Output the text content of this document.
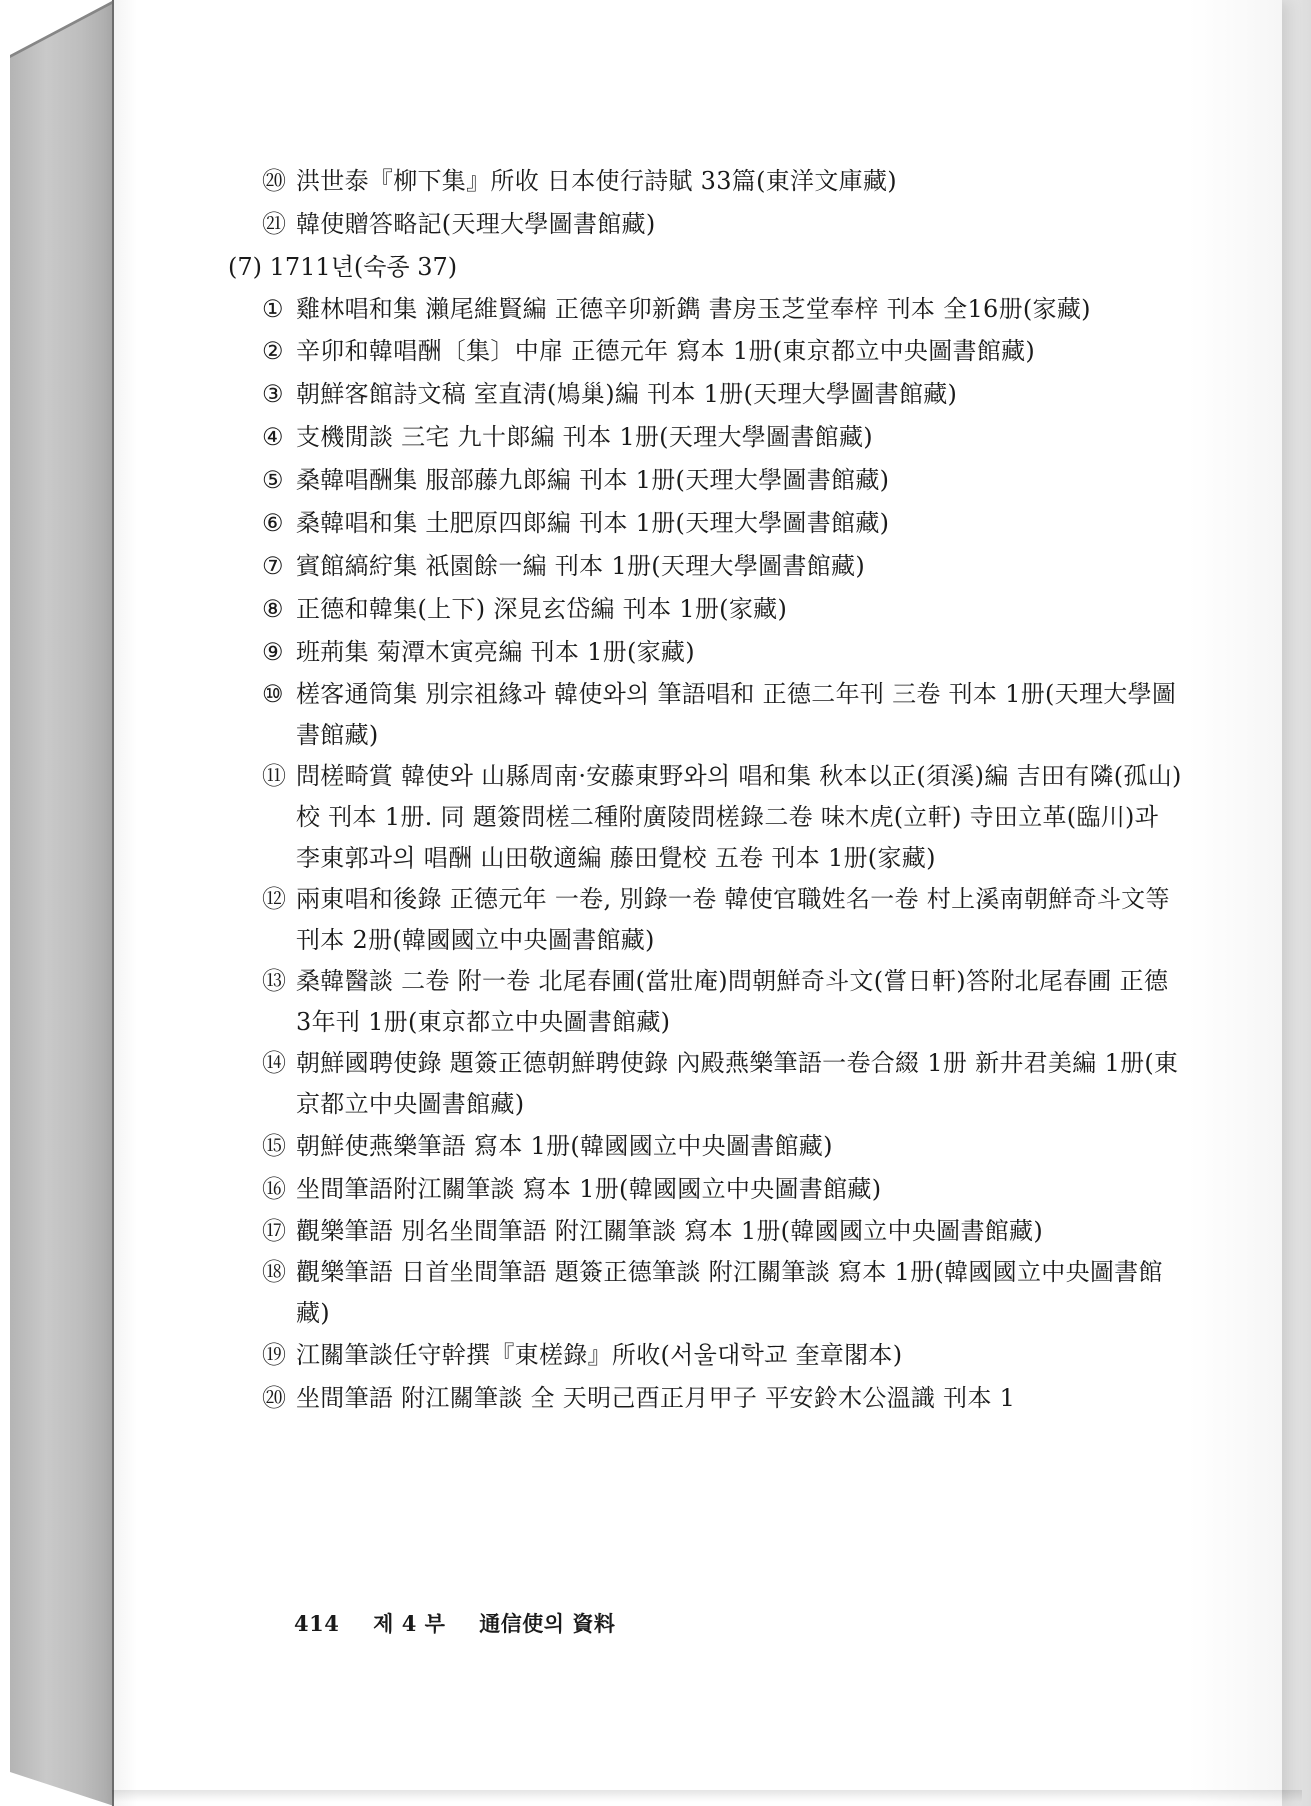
⑳ 洪世泰『柳下集』所收 日本使行詩賦 33篇(東洋文庫藏)
㉑ 韓使贈答略記(天理大學圖書館藏)
(7) 1711년(숙종 37)
① 雞林唱和集 瀨尾維賢編 正德辛卯新鐫 書房玉芝堂奉梓 刊本 全16册(家藏)
② 辛卯和韓唱酬〔集〕中扉 正德元年 寫本 1册(東京都立中央圖書館藏)
③ 朝鮮客館詩文稿 室直淸(鳩巢)編 刊本 1册(天理大學圖書館藏)
④ 支機閒談 三宅 九十郞編 刊本 1册(天理大學圖書館藏)
⑤ 桑韓唱酬集 服部藤九郞編 刊本 1册(天理大學圖書館藏)
⑥ 桑韓唱和集 土肥原四郞編 刊本 1册(天理大學圖書館藏)
⑦ 賓館縞紵集 祇園餘一編 刊本 1册(天理大學圖書館藏)
⑧ 正德和韓集(上下) 深見玄岱編 刊本 1册(家藏)
⑨ 班荊集 菊潭木寅亮編 刊本 1册(家藏)
⑩ 槎客通筒集 別宗祖緣과 韓使와의 筆語唱和 正德二年刊 三卷 刊本 1册(天理大學圖書館藏)
⑪ 問槎畸賞 韓使와 山縣周南·安藤東野와의 唱和集 秋本以正(須溪)編 吉田有隣(孤山)校 刊本 1册. 同 題簽問槎二種附廣陵問槎錄二卷 味木虎(立軒) 寺田立革(臨川)과 李東郭과의 唱酬 山田敬適編 藤田覺校 五卷 刊本 1册(家藏)
⑫ 兩東唱和後錄 正德元年 一卷, 別錄一卷 韓使官職姓名一卷 村上溪南朝鮮奇斗文等刊本 2册(韓國國立中央圖書館藏)
⑬ 桑韓醫談 二卷 附一卷 北尾春圃(當壯庵)問朝鮮奇斗文(嘗日軒)答附北尾春圃 正德 3年刊 1册(東京都立中央圖書館藏)
⑭ 朝鮮國聘使錄 題簽正德朝鮮聘使錄 內殿燕樂筆語一卷合綴 1册 新井君美編 1册(東京都立中央圖書館藏)
⑮ 朝鮮使燕樂筆語 寫本 1册(韓國國立中央圖書館藏)
⑯ 坐間筆語附江關筆談 寫本 1册(韓國國立中央圖書館藏)
⑰ 觀樂筆語 別名坐間筆語 附江關筆談 寫本 1册(韓國國立中央圖書館藏)
⑱ 觀樂筆語 日首坐間筆語 題簽正德筆談 附江關筆談 寫本 1册(韓國國立中央圖書館藏)
⑲ 江關筆談任守幹撰『東槎錄』所收(서울대학교 奎章閣本)
⑳ 坐間筆語 附江關筆談 全 天明己酉正月甲子 平安鈴木公溫識 刊本 1
414 제 4 부 通信使의 資料
